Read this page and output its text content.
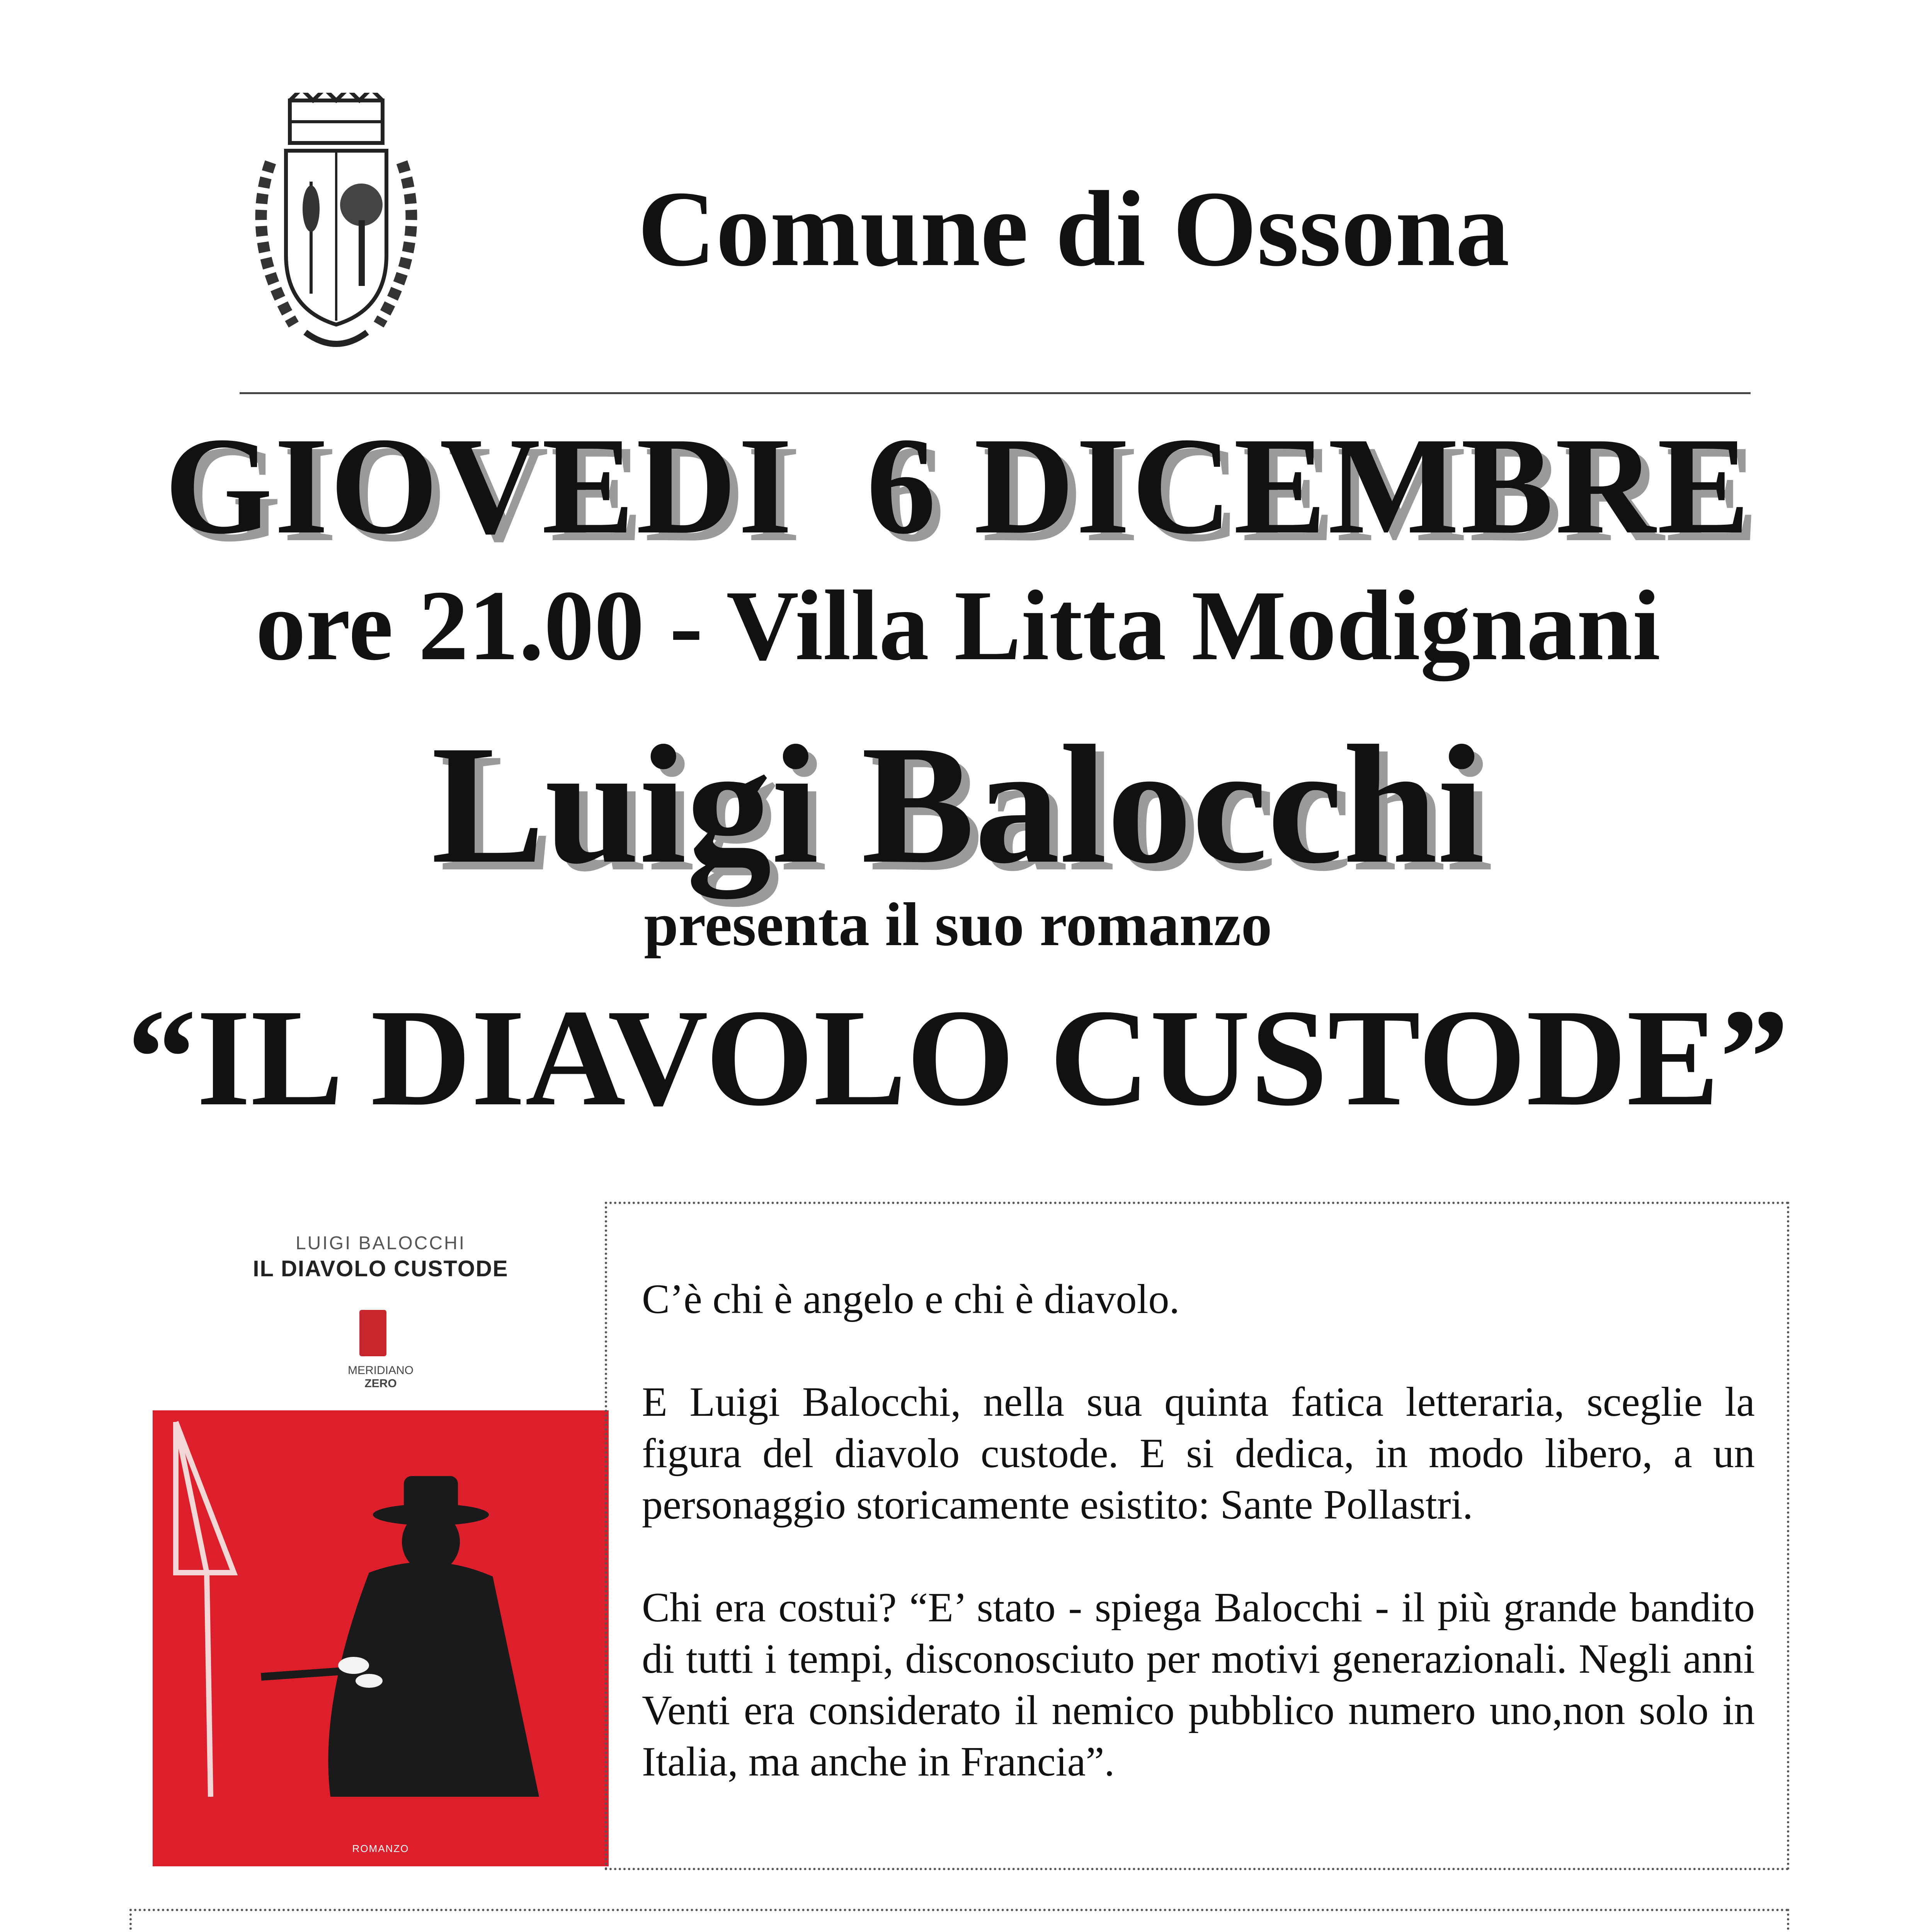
Comune di Ossona
GIOVEDI  6 DICEMBRE
ore 21.00 - Villa Litta Modignani
Luigi Balocchi
presenta il suo romanzo
“IL DIAVOLO CUSTODE”
LUIGI BALOCCHI
IL DIAVOLO CUSTODE
MERIDIANO
ZERO
ROMANZO

C’è chi è angelo e chi è diavolo.

E Luigi Balocchi, nella sua quinta fatica letteraria, sceglie la figura del diavolo custode. E si dedica, in modo libero, a un personaggio storicamente esistito: Sante Pollastri.

Chi era costui? “E’ stato - spiega Balocchi - il più grande bandito di tutti i tempi, disconosciuto per motivi generazionali. Negli anni Venti era considerato il nemico pubblico numero uno,non solo in Italia, ma anche in Francia”.
